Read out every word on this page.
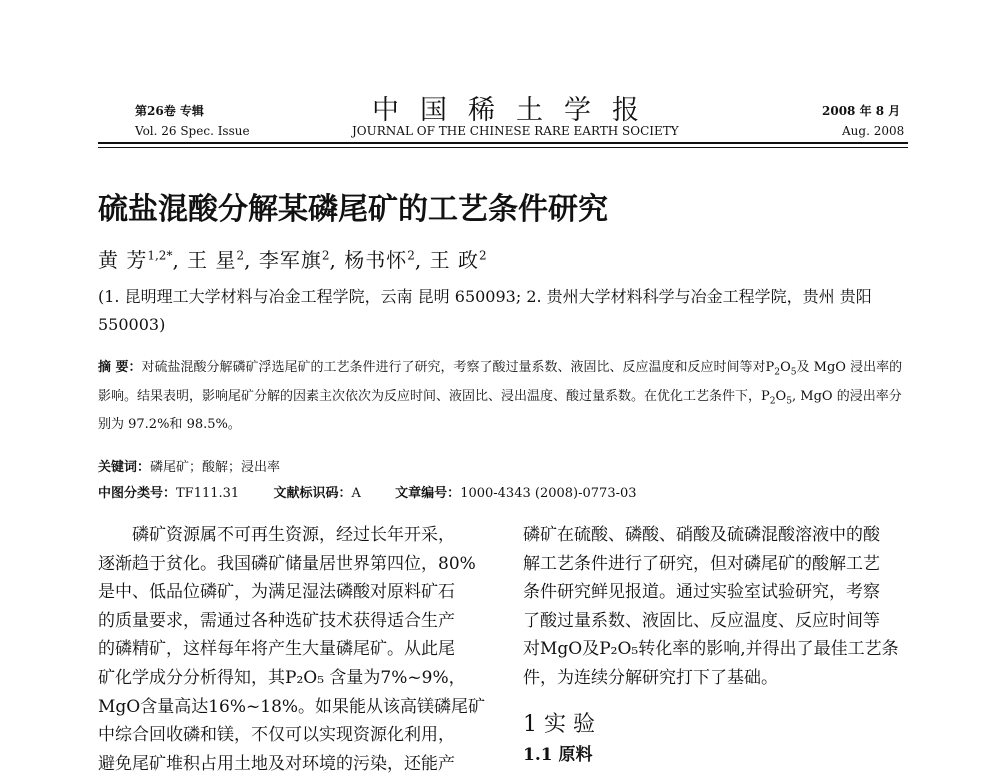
第26卷 专辑	中国稀土学报	2008 年 8 月
Vol. 26 Spec. Issue	JOURNAL OF THE CHINESE RARE EARTH SOCIETY	Aug. 2008
硫盐混酸分解某磷尾矿的工艺条件研究
黄 芳$^{1,2*}$, 王 星$^2$, 李军旗$^2$, 杨书怀$^2$, 王 政$^2$
(1. 昆明理工大学材料与冶金工程学院，云南 昆明 650093; 2. 贵州大学材料科学与冶金工程学院，贵州 贵阳 550003)
摘 要：对硫盐混酸分解磷矿浮选尾矿的工艺条件进行了研究，考察了酸过量系数、液固比、反应温度和反应时间等对$P_2O_5$及 MgO 浸出率的影响。结果表明，影响尾矿分解的因素主次依次为反应时间、液固比、浸出温度、酸过量系数。在优化工艺条件下，$P_2O_5$, MgO 的浸出率分别为 97.2%和 98.5%。
关键词：磷尾矿；酸解；浸出率
中图分类号：TF111.31	文献标识码：A	文章编号：1000-4343 (2008)-0773-03

磷矿资源属不可再生资源，经过长年开采，

逐渐趋于贫化。我国磷矿储量居世界第四位，80%

是中、低品位磷矿，为满足湿法磷酸对原料矿石

的质量要求，需通过各种选矿技术获得适合生产

的磷精矿，这样每年将产生大量磷尾矿。从此尾

矿化学成分分析得知，其P₂O₅ 含量为7%~9%，

MgO含量高达16%~18%。如果能从该高镁磷尾矿

中综合回收磷和镁，不仅可以实现资源化利用，

避免尾矿堆积占用土地及对环境的污染，还能产

磷矿在硫酸、磷酸、硝酸及硫磷混酸溶液中的酸

解工艺条件进行了研究，但对磷尾矿的酸解工艺

条件研究鲜见报道。通过实验室试验研究，考察

了酸过量系数、液固比、反应温度、反应时间等

对MgO及P₂O₅转化率的影响,并得出了最佳工艺条

件，为连续分解研究打下了基础。

1 实 验
1.1 原料
